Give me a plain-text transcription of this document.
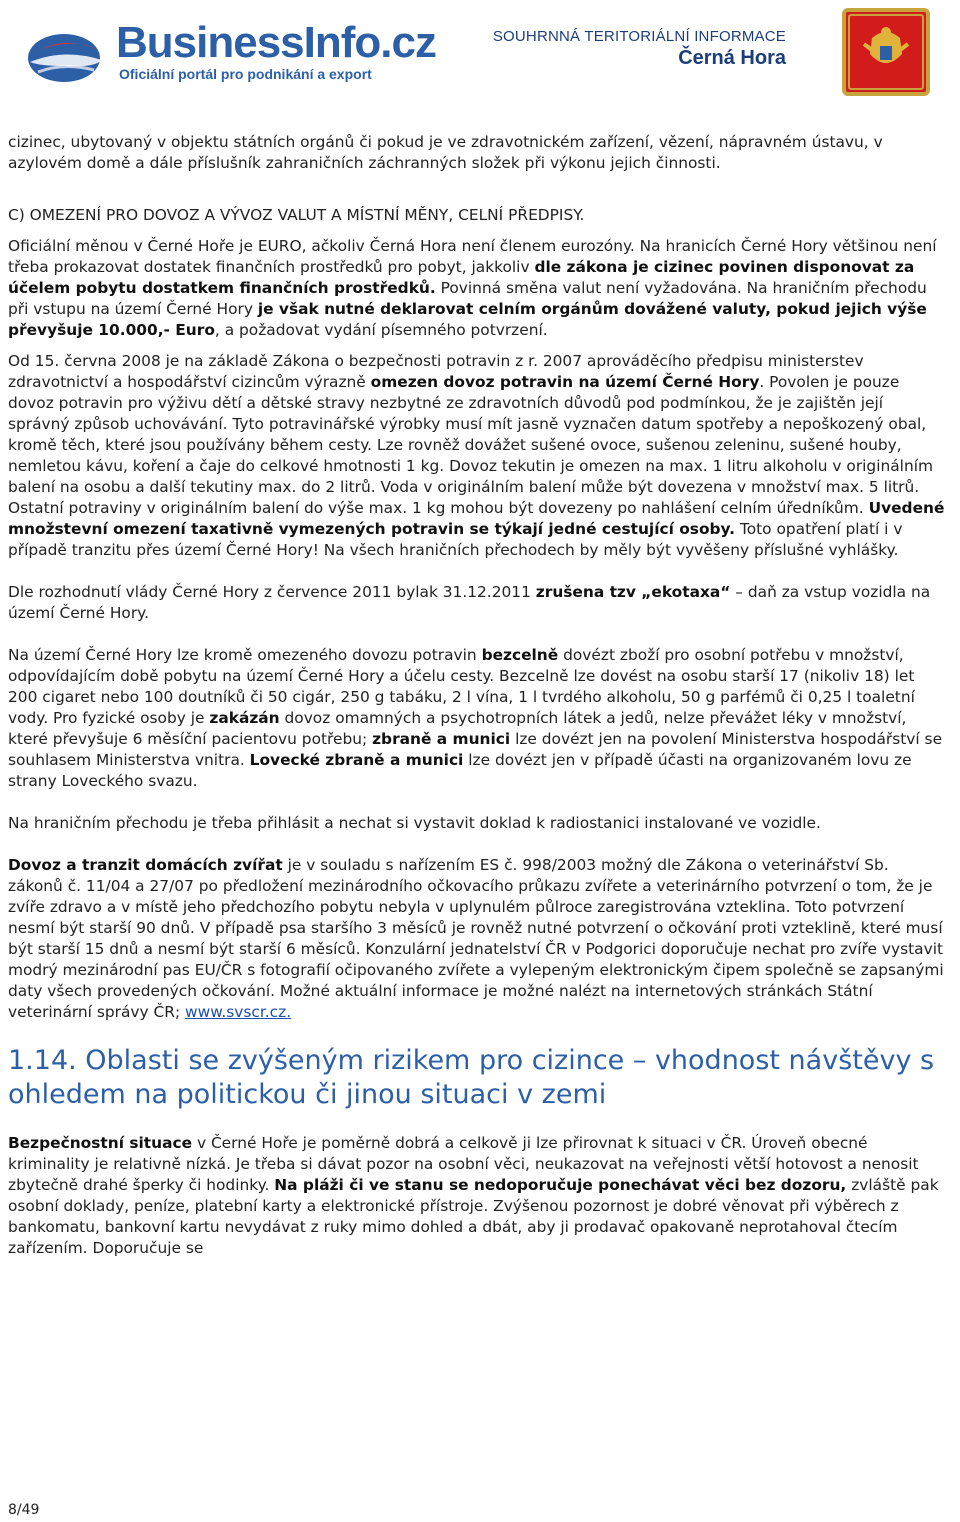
BusinessInfo.cz
Oficiální portál pro podnikání a export
SOUHRNNÁ TERITORIÁLNÍ INFORMACE
Černá Hora

cizinec, ubytovaný v objektu státních orgánů či pokud je ve zdravotnickém zařízení, vězení, nápravném ústavu, v azylovém domě a dále příslušník zahraničních záchranných složek při výkonu jejich činnosti.

C) OMEZENÍ PRO DOVOZ A VÝVOZ VALUT A MÍSTNÍ MĚNY, CELNÍ PŘEDPISY.

Oficiální měnou v Černé Hoře je EURO, ačkoliv Černá Hora není členem eurozóny. Na hranicích Černé Hory většinou není třeba prokazovat dostatek finančních prostředků pro pobyt, jakkoliv dle zákona je cizinec povinen disponovat za účelem pobytu dostatkem finančních prostředků. Povinná směna valut není vyžadována. Na hraničním přechodu při vstupu na území Černé Hory je však nutné deklarovat celním orgánům dovážené valuty, pokud jejich výše převyšuje 10.000,- Euro, a požadovat vydání písemného potvrzení.

Od 15. června 2008 je na základě Zákona o bezpečnosti potravin z r. 2007 aprováděcího předpisu ministerstev zdravotnictví a hospodářství cizincům výrazně omezen dovoz potravin na území Černé Hory. Povolen je pouze dovoz potravin pro výživu dětí a dětské stravy nezbytné ze zdravotních důvodů pod podmínkou, že je zajištěn její správný způsob uchovávání. Tyto potravinářské výrobky musí mít jasně vyznačen datum spotřeby a nepoškozený obal, kromě těch, které jsou používány během cesty. Lze rovněž dovážet sušené ovoce, sušenou zeleninu, sušené houby, nemletou kávu, koření a čaje do celkové hmotnosti 1 kg. Dovoz tekutin je omezen na max. 1 litru alkoholu v originálním balení na osobu a další tekutiny max. do 2 litrů. Voda v originálním balení může být dovezena v množství max. 5 litrů. Ostatní potraviny v originálním balení do výše max. 1 kg mohou být dovezeny po nahlášení celním úředníkům. Uvedené množstevní omezení taxativně vymezených potravin se týkají jedné cestující osoby. Toto opatření platí i v případě tranzitu přes území Černé Hory! Na všech hraničních přechodech by měly být vyvěšeny příslušné vyhlášky.

Dle rozhodnutí vlády Černé Hory z července 2011 bylak 31.12.2011 zrušena tzv „ekotaxa“ – daň za vstup vozidla na území Černé Hory.

Na území Černé Hory lze kromě omezeného dovozu potravin bezcelně dovézt zboží pro osobní potřebu v množství, odpovídajícím době pobytu na území Černé Hory a účelu cesty. Bezcelně lze dovést na osobu starší 17 (nikoliv 18) let 200 cigaret nebo 100 doutníků či 50 cigár, 250 g tabáku, 2 l vína, 1 l tvrdého alkoholu, 50 g parfémů či 0,25 l toaletní vody. Pro fyzické osoby je zakázán dovoz omamných a psychotropních látek a jedů, nelze převážet léky v množství, které převyšuje 6 měsíční pacientovu potřebu; zbraně a munici lze dovézt jen na povolení Ministerstva hospodářství se souhlasem Ministerstva vnitra. Lovecké zbraně a munici lze dovézt jen v případě účasti na organizovaném lovu ze strany Loveckého svazu.

Na hraničním přechodu je třeba přihlásit a nechat si vystavit doklad k radiostanici instalované ve vozidle.

Dovoz a tranzit domácích zvířat je v souladu s nařízením ES č. 998/2003 možný dle Zákona o veterinářství Sb. zákonů č. 11/04 a 27/07 po předložení mezinárodního očkovacího průkazu zvířete a veterinárního potvrzení o tom, že je zvíře zdravo a v místě jeho předchozího pobytu nebyla v uplynulém půlroce zaregistrována vzteklina. Toto potvrzení nesmí být starší 90 dnů. V případě psa staršího 3 měsíců je rovněž nutné potvrzení o očkování proti vzteklině, které musí být starší 15 dnů a nesmí být starší 6 měsíců. Konzulární jednatelství ČR v Podgorici doporučuje nechat pro zvíře vystavit modrý mezinárodní pas EU/ČR s fotografií očipovaného zvířete a vylepeným elektronickým čipem společně se zapsanými daty všech provedených očkování. Možné aktuální informace je možné nalézt na internetových stránkách Státní veterinární správy ČR; www.svscr.cz.

1.14. Oblasti se zvýšeným rizikem pro cizince – vhodnost návštěvy s ohledem na politickou či jinou situaci v zemi

Bezpečnostní situace v Černé Hoře je poměrně dobrá a celkově ji lze přirovnat k situaci v ČR. Úroveň obecné kriminality je relativně nízká. Je třeba si dávat pozor na osobní věci, neukazovat na veřejnosti větší hotovost a nenosit zbytečně drahé šperky či hodinky. Na pláži či ve stanu se nedoporučuje ponechávat věci bez dozoru, zvláště pak osobní doklady, peníze, platební karty a elektronické přístroje. Zvýšenou pozornost je dobré věnovat při výběrech z bankomatu, bankovní kartu nevydávat z ruky mimo dohled a dbát, aby ji prodavač opakovaně neprotahoval čtecím zařízením. Doporučuje se

8/49
